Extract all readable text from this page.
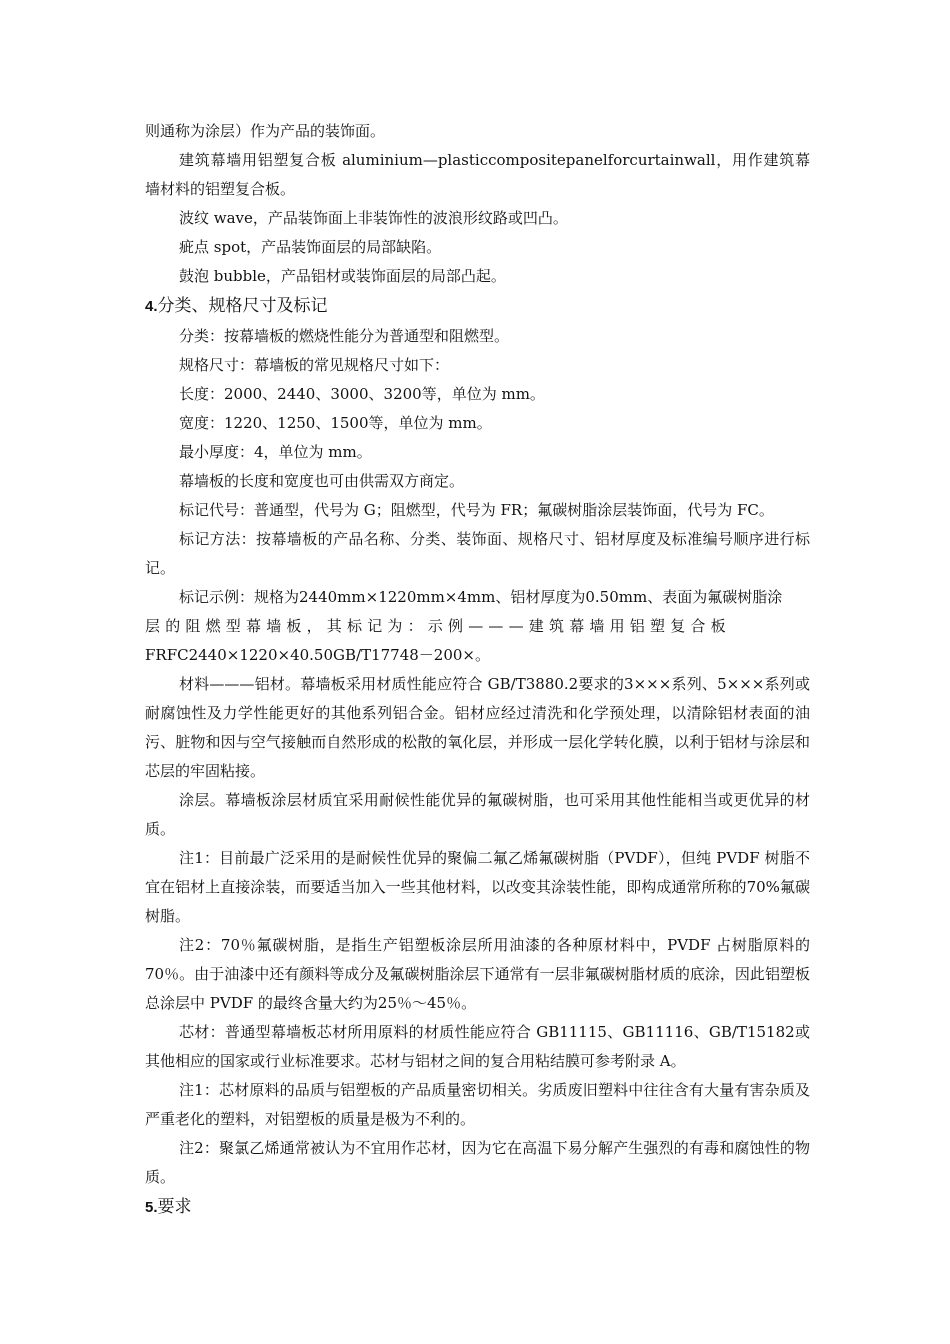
则通称为涂层）作为产品的装饰面。

建筑幕墙用铝塑复合板 aluminium—plasticcompositepanelforcurtainwall，用作建筑幕墙材料的铝塑复合板。

波纹 wave，产品装饰面上非装饰性的波浪形纹路或凹凸。

疵点 spot，产品装饰面层的局部缺陷。

鼓泡 bubble，产品铝材或装饰面层的局部凸起。

4.分类、规格尺寸及标记

分类：按幕墙板的燃烧性能分为普通型和阻燃型。

规格尺寸：幕墙板的常见规格尺寸如下：

长度：2000、2440、3000、3200等，单位为 mm。

宽度：1220、1250、1500等，单位为 mm。

最小厚度：4，单位为 mm。

幕墙板的长度和宽度也可由供需双方商定。

标记代号：普通型，代号为 G；阻燃型，代号为 FR；氟碳树脂涂层装饰面，代号为 FC。

标记方法：按幕墙板的产品名称、分类、装饰面、规格尺寸、铝材厚度及标准编号顺序进行标记。

标记示例：规格为2440mm×1220mm×4mm、铝材厚度为0.50mm、表面为氟碳树脂涂
层的阻燃型幕墙板，其标记为：示例———建筑幕墙用铝塑复合板
FRFC2440×1220×40.50GB/T17748－200×。

材料———铝材。幕墙板采用材质性能应符合 GB/T3880.2要求的3×××系列、5×××系列或耐腐蚀性及力学性能更好的其他系列铝合金。铝材应经过清洗和化学预处理，以清除铝材表面的油污、脏物和因与空气接触而自然形成的松散的氧化层，并形成一层化学转化膜，以利于铝材与涂层和芯层的牢固粘接。

涂层。幕墙板涂层材质宜采用耐候性能优异的氟碳树脂，也可采用其他性能相当或更优异的材质。

注1：目前最广泛采用的是耐候性优异的聚偏二氟乙烯氟碳树脂（PVDF），但纯 PVDF 树脂不宜在铝材上直接涂装，而要适当加入一些其他材料，以改变其涂装性能，即构成通常所称的70%氟碳树脂。

注2：70％氟碳树脂，是指生产铝塑板涂层所用油漆的各种原材料中，PVDF 占树脂原料的70％。由于油漆中还有颜料等成分及氟碳树脂涂层下通常有一层非氟碳树脂材质的底涂，因此铝塑板总涂层中 PVDF 的最终含量大约为25％～45％。

芯材：普通型幕墙板芯材所用原料的材质性能应符合 GB11115、GB11116、GB/T15182或其他相应的国家或行业标准要求。芯材与铝材之间的复合用粘结膜可参考附录 A。

注1：芯材原料的品质与铝塑板的产品质量密切相关。劣质废旧塑料中往往含有大量有害杂质及严重老化的塑料，对铝塑板的质量是极为不利的。

注2：聚氯乙烯通常被认为不宜用作芯材，因为它在高温下易分解产生强烈的有毒和腐蚀性的物质。

5.要求
